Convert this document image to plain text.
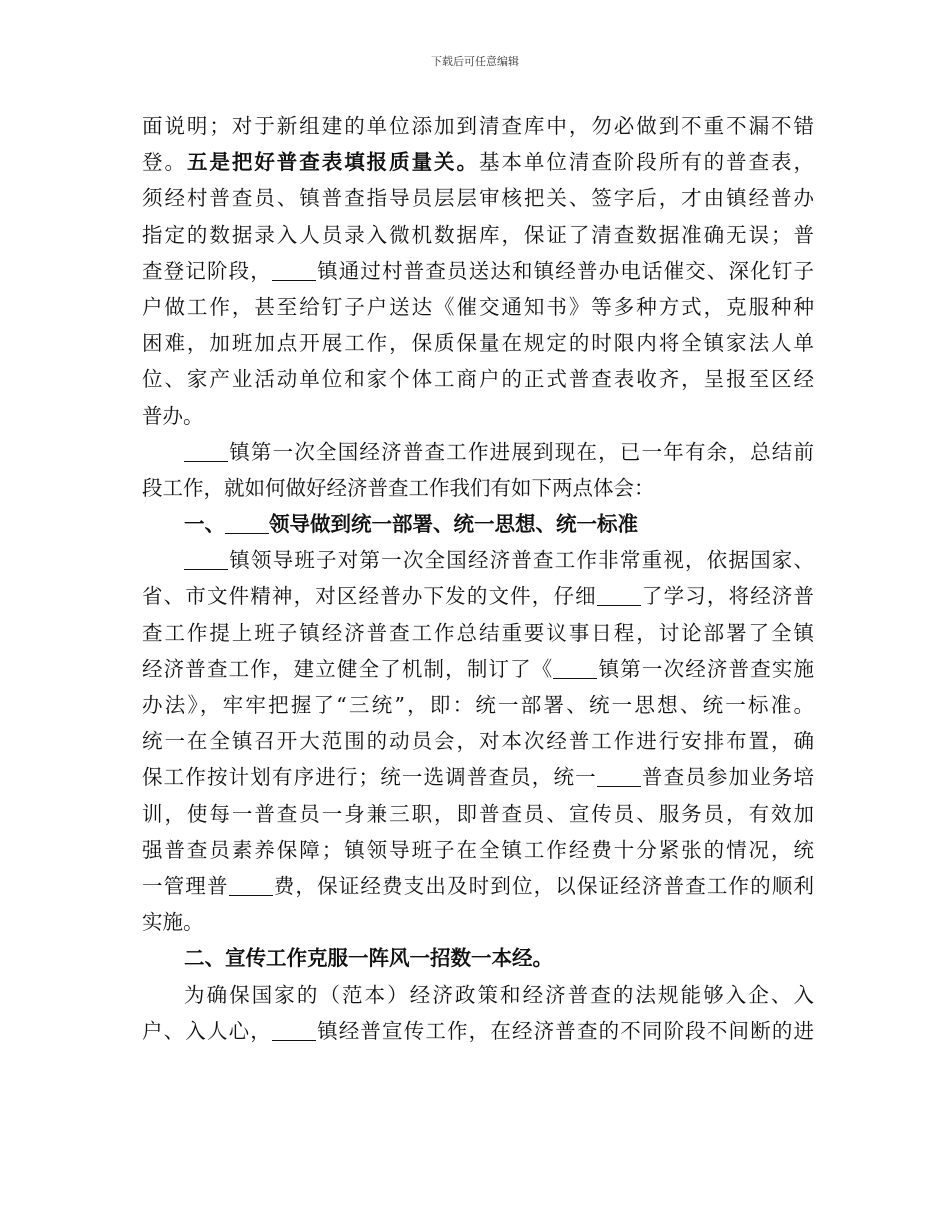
下载后可任意编辑
面说明；对于新组建的单位添加到清查库中，勿必做到不重不漏不错
登。五是把好普查表填报质量关。基本单位清查阶段所有的普查表，
须经村普查员、镇普查指导员层层审核把关、签字后，才由镇经普办
指定的数据录入人员录入微机数据库，保证了清查数据准确无误；普
查登记阶段， 镇通过村普查员送达和镇经普办电话催交、深化钉子
户做工作，甚至给钉子户送达《催交通知书》等多种方式，克服种种
困难，加班加点开展工作，保质保量在规定的时限内将全镇家法人单
位、家产业活动单位和家个体工商户的正式普查表收齐，呈报至区经
普办。
镇第一次全国经济普查工作进展到现在，已一年有余，总结前
段工作，就如何做好经济普查工作我们有如下两点体会：
一、 领导做到统一部署、统一思想、统一标准
镇领导班子对第一次全国经济普查工作非常重视，依据国家、
省、市文件精神，对区经普办下发的文件，仔细 了学习，将经济普
查工作提上班子镇经济普查工作总结重要议事日程，讨论部署了全镇
经济普查工作，建立健全了机制，制订了《 镇第一次经济普查实施
办法》，牢牢把握了“三统”，即：统一部署、统一思想、统一标准。
统一在全镇召开大范围的动员会，对本次经普工作进行安排布置，确
保工作按计划有序进行；统一选调普查员，统一 普查员参加业务培
训，使每一普查员一身兼三职，即普查员、宣传员、服务员，有效加
强普查员素养保障；镇领导班子在全镇工作经费十分紧张的情况，统
一管理普 费，保证经费支出及时到位，以保证经济普查工作的顺利
实施。
二、宣传工作克服一阵风一招数一本经。
为确保国家的（范本）经济政策和经济普查的法规能够入企、入
户、入人心， 镇经普宣传工作，在经济普查的不同阶段不间断的进
